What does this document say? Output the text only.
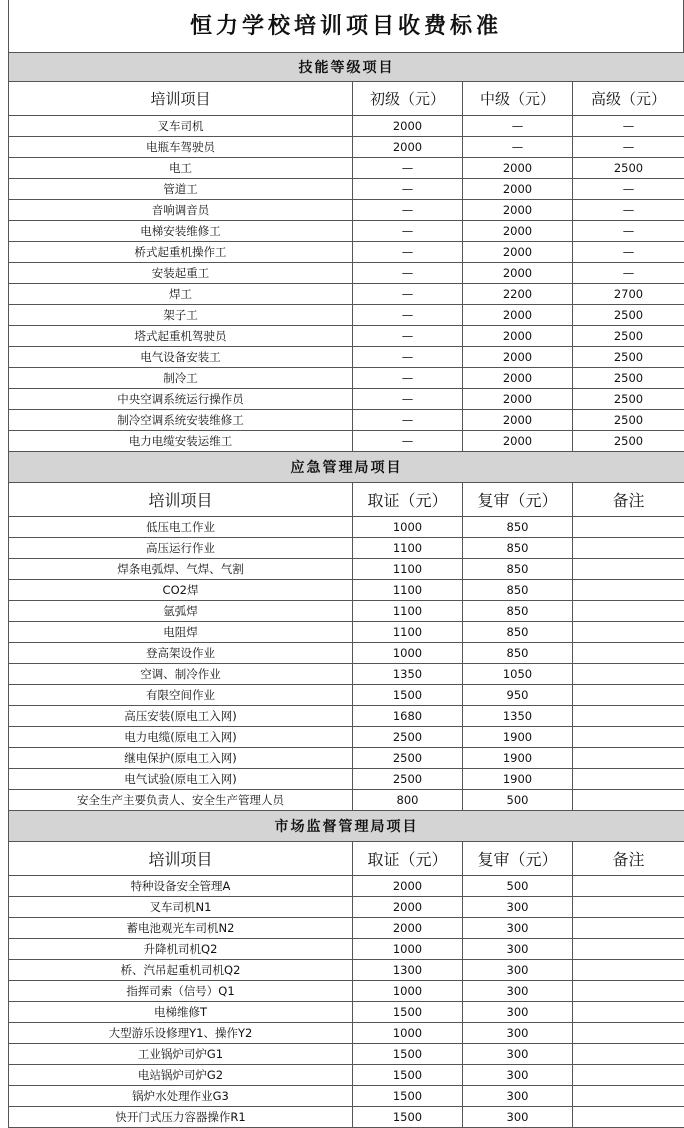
恒力学校培训项目收费标准
技能等级项目			
培训项目	初级（元）	中级（元）	高级（元）
叉车司机	2000	—	—
电瓶车驾驶员	2000	—	—
电工	—	2000	2500
管道工	—	2000	—
音响调音员	—	2000	—
电梯安装维修工	—	2000	—
桥式起重机操作工	—	2000	—
安装起重工	—	2000	—
焊工	—	2200	2700
架子工	—	2000	2500
塔式起重机驾驶员	—	2000	2500
电气设备安装工	—	2000	2500
制冷工	—	2000	2500
中央空调系统运行操作员	—	2000	2500
制冷空调系统安装维修工	—	2000	2500
电力电缆安装运维工	—	2000	2500
应急管理局项目			
培训项目	取证（元）	复审（元）	备注
低压电工作业	1000	850	
高压运行作业	1100	850	
焊条电弧焊、气焊、气割	1100	850	
CO2焊	1100	850	
氩弧焊	1100	850	
电阻焊	1100	850	
登高架设作业	1000	850	
空调、制冷作业	1350	1050	
有限空间作业	1500	950	
高压安装(原电工入网)	1680	1350	
电力电缆(原电工入网)	2500	1900	
继电保护(原电工入网)	2500	1900	
电气试验(原电工入网)	2500	1900	
安全生产主要负责人、安全生产管理人员	800	500	
市场监督管理局项目			
培训项目	取证（元）	复审（元）	备注
特种设备安全管理A	2000	500	
叉车司机N1	2000	300	
蓄电池观光车司机N2	2000	300	
升降机司机Q2	1000	300	
桥、汽吊起重机司机Q2	1300	300	
指挥司索（信号）Q1	1000	300	
电梯维修T	1500	300	
大型游乐设修理Y1、操作Y2	1000	300	
工业锅炉司炉G1	1500	300	
电站锅炉司炉G2	1500	300	
锅炉水处理作业G3	1500	300	
快开门式压力容器操作R1	1500	300	
